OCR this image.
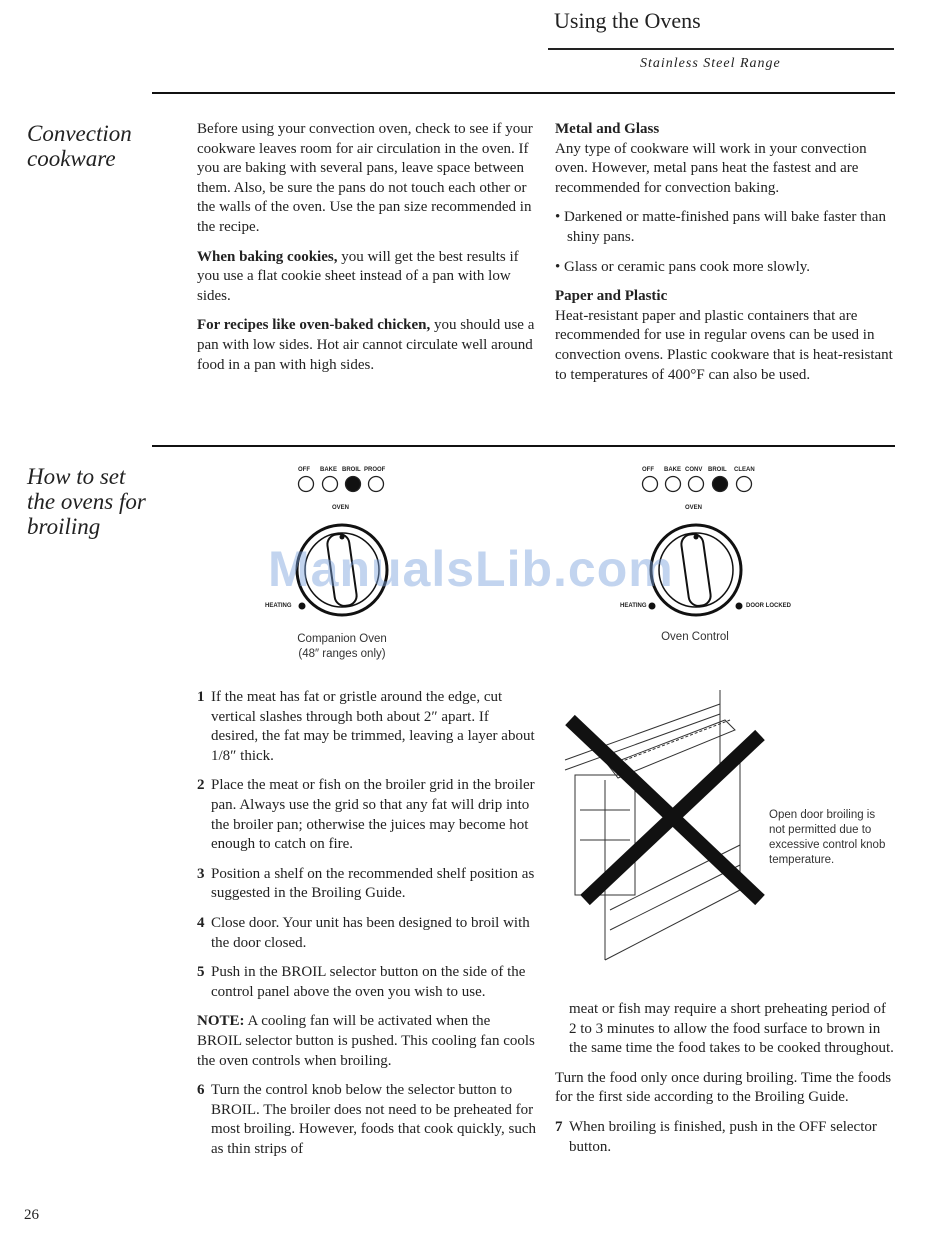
Using the Ovens
Stainless Steel Range
Convection cookware

Before using your convection oven, check to see if your cookware leaves room for air circulation in the oven. If you are baking with several pans, leave space between them. Also, be sure the pans do not touch each other or the walls of the oven. Use the pan size recommended in the recipe.

When baking cookies, you will get the best results if you use a flat cookie sheet instead of a pan with low sides.

For recipes like oven-baked chicken, you should use a pan with low sides. Hot air cannot circulate well around food in a pan with high sides.

Metal and Glass

Any type of cookware will work in your convection oven. However, metal pans heat the fastest and are recommended for convection baking.

• Darkened or matte-finished pans will bake faster than shiny pans.

• Glass or ceramic pans cook more slowly.

Paper and Plastic

Heat-resistant paper and plastic containers that are recommended for use in regular ovens can be used in convection ovens. Plastic cookware that is heat-resistant to temperatures of 400°F can also be used.

How to set the ovens for broiling
OFF BAKE BROIL PROOF
OVEN
HEATING
Companion Oven
(48″ ranges only)
OFF BAKE CONV BROIL CLEAN
OVEN
HEATING	DOOR LOCKED
Oven Control
ManualsLib.com
1 If the meat has fat or gristle around the edge, cut vertical slashes through both about 2″ apart. If desired, the fat may be trimmed, leaving a layer about 1/8″ thick.
2 Place the meat or fish on the broiler grid in the broiler pan. Always use the grid so that any fat will drip into the broiler pan; otherwise the juices may become hot enough to catch on fire.
3 Position a shelf on the recommended shelf position as suggested in the Broiling Guide.
4 Close door. Your unit has been designed to broil with the door closed.
5 Push in the BROIL selector button on the side of the control panel above the oven you wish to use.

NOTE: A cooling fan will be activated when the BROIL selector button is pushed. This cooling fan cools the oven controls when broiling.

6 Turn the control knob below the selector button to BROIL. The broiler does not need to be preheated for most broiling. However, foods that cook quickly, such as thin strips of
Open door broiling is not permitted due to excessive control knob temperature.

meat or fish may require a short preheating period of 2 to 3 minutes to allow the food surface to brown in the same time the food takes to be cooked throughout.

Turn the food only once during broiling. Time the foods for the first side according to the Broiling Guide.

7 When broiling is finished, push in the OFF selector button.
26
